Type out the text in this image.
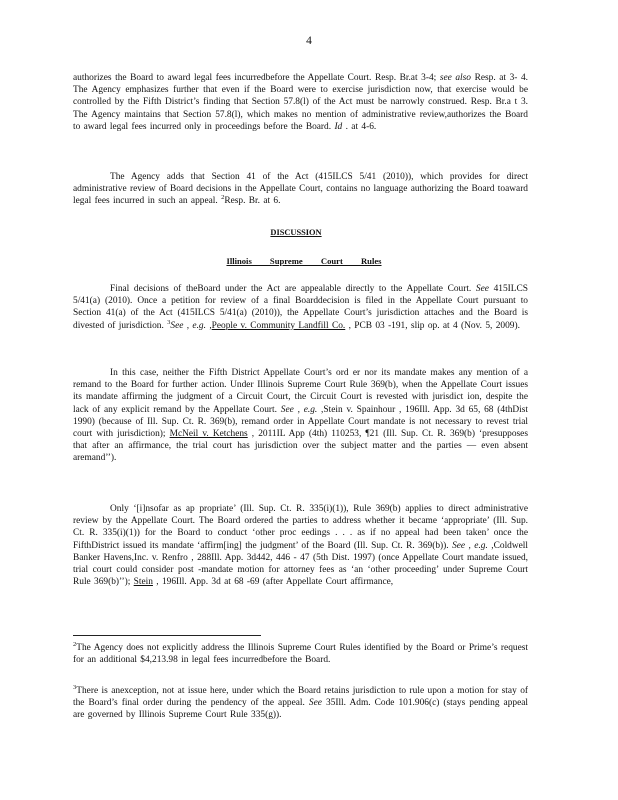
4

authorizes the Board to award legal fees incurredbefore the Appellate Court. Resp. Br.at 3-4; see also Resp. at 3- 4. The Agency emphasizes further that even if the Board were to exercise jurisdiction now, that exercise would be controlled by the Fifth District’s finding that Section 57.8(l) of the Act must be narrowly construed. Resp. Br.a t 3. The Agency maintains that Section 57.8(l), which makes no mention of administrative review,authorizes the Board to award legal fees incurred only in proceedings before the Board. Id . at 4-6.

The Agency adds that Section 41 of the Act (415ILCS 5/41 (2010)), which provides for direct administrative review of Board decisions in the Appellate Court, contains no language authorizing the Board toaward legal fees incurred in such an appeal. $^2$Resp. Br. at 6.

DISCUSSION
Illinois Supreme Court Rules

Final decisions of theBoard under the Act are appealable directly to the Appellate Court. See 415ILCS 5/41(a) (2010). Once a petition for review of a final Boarddecision is filed in the Appellate Court pursuant to Section 41(a) of the Act (415ILCS 5/41(a) (2010)), the Appellate Court’s jurisdiction attaches and the Board is divested of jurisdiction. $^3$See , e.g. ,People v. Community Landfill Co. , PCB 03 -191, slip op. at 4 (Nov. 5, 2009).

In this case, neither the Fifth District Appellate Court’s ord er nor its mandate makes any mention of a remand to the Board for further action. Under Illinois Supreme Court Rule 369(b), when the Appellate Court issues its mandate affirming the judgment of a Circuit Court, the Circuit Court is revested with jurisdict ion, despite the lack of any explicit remand by the Appellate Court. See , e.g. ,Stein v. Spainhour , 196Ill. App. 3d 65, 68 (4thDist 1990) (because of Ill. Sup. Ct. R. 369(b), remand order in Appellate Court mandate is not necessary to revest trial court with jurisdiction); McNeil v. Ketchens , 2011IL App (4th) 110253, ¶21 (Ill. Sup. Ct. R. 369(b) ‘presupposes that after an affirmance, the trial court has jurisdiction over the subject matter and the parties — even absent aremand’’).

Only ‘[i]nsofar as ap propriate’ (Ill. Sup. Ct. R. 335(i)(1)), Rule 369(b) applies to direct administrative review by the Appellate Court. The Board ordered the parties to address whether it became ‘appropriate’ (Ill. Sup. Ct. R. 335(i)(1)) for the Board to conduct ‘other proc eedings . . . as if no appeal had been taken’ once the FifthDistrict issued its mandate ‘affirm[ing] the judgment’ of the Board (Ill. Sup. Ct. R. 369(b)). See , e.g. ,Coldwell Banker Havens,Inc. v. Renfro , 288Ill. App. 3d442, 446 - 47 (5th Dist. 1997) (once Appellate Court mandate issued, trial court could consider post -mandate motion for attorney fees as ‘an ‘other proceeding’ under Supreme Court Rule 369(b)’’); Stein , 196Ill. App. 3d at 68 -69 (after Appellate Court affirmance,

$^2$The Agency does not explicitly address the Illinois Supreme Court Rules identified by the Board or Prime’s request for an additional $4,213.98 in legal fees incurredbefore the Board.

$^3$There is anexception, not at issue here, under which the Board retains jurisdiction to rule upon a motion for stay of the Board’s final order during the pendency of the appeal. See 35Ill. Adm. Code 101.906(c) (stays pending appeal are governed by Illinois Supreme Court Rule 335(g)).
